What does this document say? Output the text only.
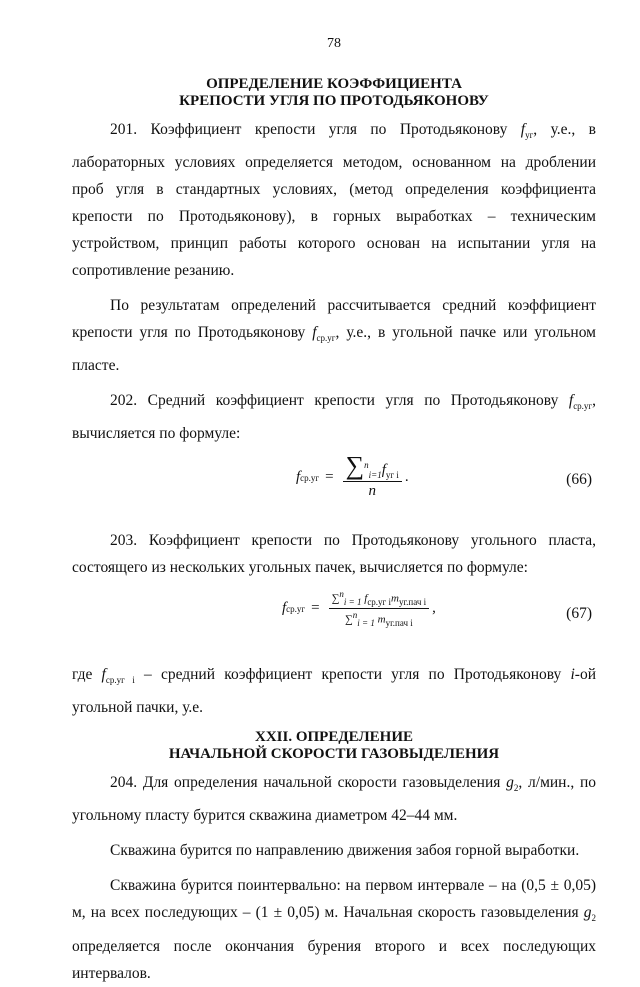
78
ОПРЕДЕЛЕНИЕ КОЭФФИЦИЕНТА
КРЕПОСТИ УГЛЯ ПО ПРОТОДЬЯКОНОВУ

201. Коэффициент крепости угля по Протодьяконову $f_{уг}$, у.е., в лабораторных условиях определяется методом, основанном на дроблении проб угля в стандартных условиях, (метод определения коэффициента крепости по Протодьяконову), в горных выработках – техническим устройством, принцип работы которого основан на испытании угля на сопротивление резанию.

По результатам определений рассчитывается средний коэффициент крепости угля по Протодьяконову $f_{ср.уг}$, у.е., в угольной пачке или угольном пласте.

202. Средний коэффициент крепости угля по Протодьяконову $f_{ср.уг}$, вычисляется по формуле:

f $ср.уг = \frac{\sum^n_{i=1}f_{уг i}}{n}$ .	(66)

203. Коэффициент крепости по Протодьяконову угольного пласта, состоящего из нескольких угольных пачек, вычисляется по формуле:

f $ср.уг = \frac{\sum^n_{i = 1} f_{ср.уг i}m_{уг.пач i}}{\sum^n_{i = 1} m_{уг.пач i}}$ ,	(67)

где $f_{ср.уг i}$ – средний коэффициент крепости угля по Протодьяконову i-ой угольной пачки, у.е.

XXII. ОПРЕДЕЛЕНИЕ
НАЧАЛЬНОЙ СКОРОСТИ ГАЗОВЫДЕЛЕНИЯ

204. Для определения начальной скорости газовыделения $g_2$, л/мин., по угольному пласту бурится скважина диаметром 42–44 мм.

Скважина бурится по направлению движения забоя горной выработки.

Скважина бурится поинтервально: на первом интервале – на (0,5 ± 0,05) м, на всех последующих – (1 ± 0,05) м. Начальная скорость газовыделения $g_2$ определяется после окончания бурения второго и всех последующих интервалов.
